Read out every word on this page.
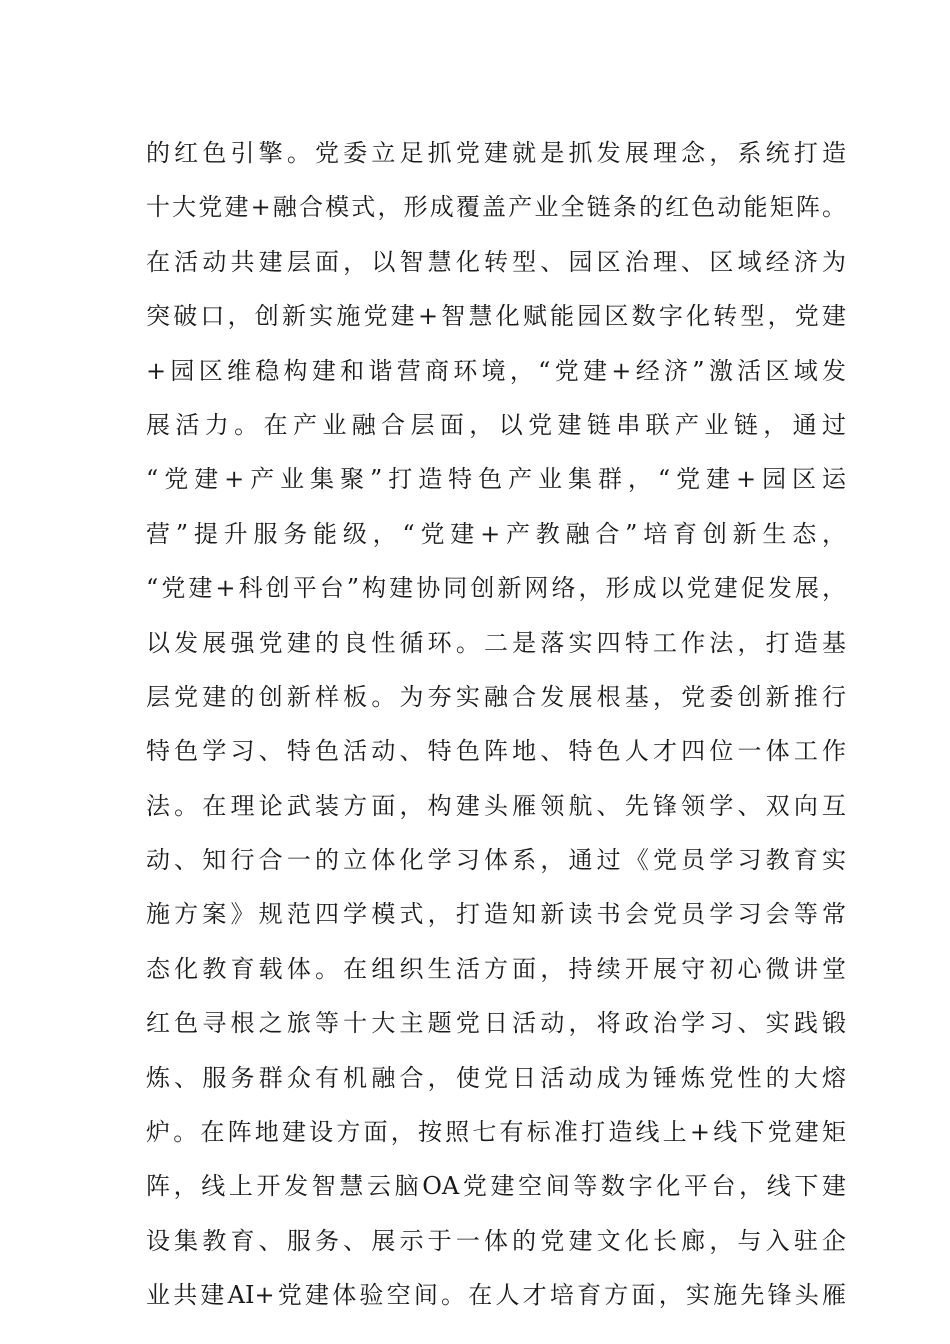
的红色引擎。党委立足抓党建就是抓发展理念，系统打造
十大党建+融合模式，形成覆盖产业全链条的红色动能矩阵。
在活动共建层面，以智慧化转型、园区治理、区域经济为
突破口，创新实施党建+智慧化赋能园区数字化转型，党建
+园区维稳构建和谐营商环境，“党建+经济”激活区域发
展活力。在产业融合层面，以党建链串联产业链，通过
“党建+产业集聚”打造特色产业集群，“党建+园区运
营”提升服务能级，“党建+产教融合”培育创新生态，
“党建+科创平台”构建协同创新网络，形成以党建促发展，
以发展强党建的良性循环。二是落实四特工作法，打造基
层党建的创新样板。为夯实融合发展根基，党委创新推行
特色学习、特色活动、特色阵地、特色人才四位一体工作
法。在理论武装方面，构建头雁领航、先锋领学、双向互
动、知行合一的立体化学习体系，通过《党员学习教育实
施方案》规范四学模式，打造知新读书会党员学习会等常
态化教育载体。在组织生活方面，持续开展守初心微讲堂
红色寻根之旅等十大主题党日活动，将政治学习、实践锻
炼、服务群众有机融合，使党日活动成为锤炼党性的大熔
炉。在阵地建设方面，按照七有标准打造线上+线下党建矩
阵，线上开发智慧云脑OA党建空间等数字化平台，线下建
设集教育、服务、展示于一体的党建文化长廊，与入驻企
业共建AI+党建体验空间。在人才培育方面，实施先锋头雁
